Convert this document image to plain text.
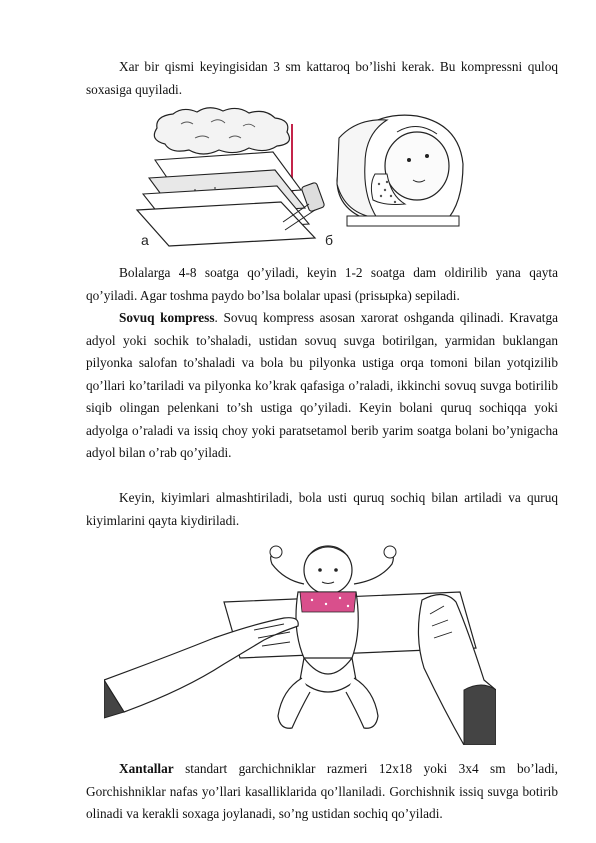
Xar bir qismi keyingisidan 3 sm kattaroq bo’lishi kerak. Bu kompressni quloq soxasiga quyiladi.

а	б

Bolalarga 4-8 soatga qo’yiladi, keyin 1-2 soatga dam oldirilib yana qayta qo’yiladi. Agar toshma paydo bo’lsa bolalar upasi (prisыpka) sepiladi.

Sovuq kompress. Sovuq kompress asosan xarorat oshganda qilinadi. Kravatga adyol yoki sochik to’shaladi, ustidan sovuq suvga botirilgan, yarmidan buklangan pilyonka salofan to’shaladi va bola bu pilyonka ustiga orqa tomoni bilan yotqizilib qo’llari ko’tariladi va pilyonka ko’krak qafasiga o’raladi, ikkinchi sovuq suvga botirilib siqib olingan pelenkani to’sh ustiga qo’yiladi. Keyin bolani quruq sochiqqa yoki adyolga o’raladi va issiq choy yoki paratsetamol berib yarim soatga bolani bo’ynigacha adyol bilan o’rab qo’yiladi.

Keyin, kiyimlari almashtiriladi, bola usti quruq sochiq bilan artiladi va quruq kiyimlarini qayta kiydiriladi.

Xantallar standart garchichniklar razmeri 12x18 yoki 3x4 sm bo’ladi, Gorchishniklar nafas yo’llari kasalliklarida qo’llaniladi. Gorchishnik issiq suvga botirib olinadi va kerakli soxaga joylanadi, so’ng ustidan sochiq qo’yiladi.
